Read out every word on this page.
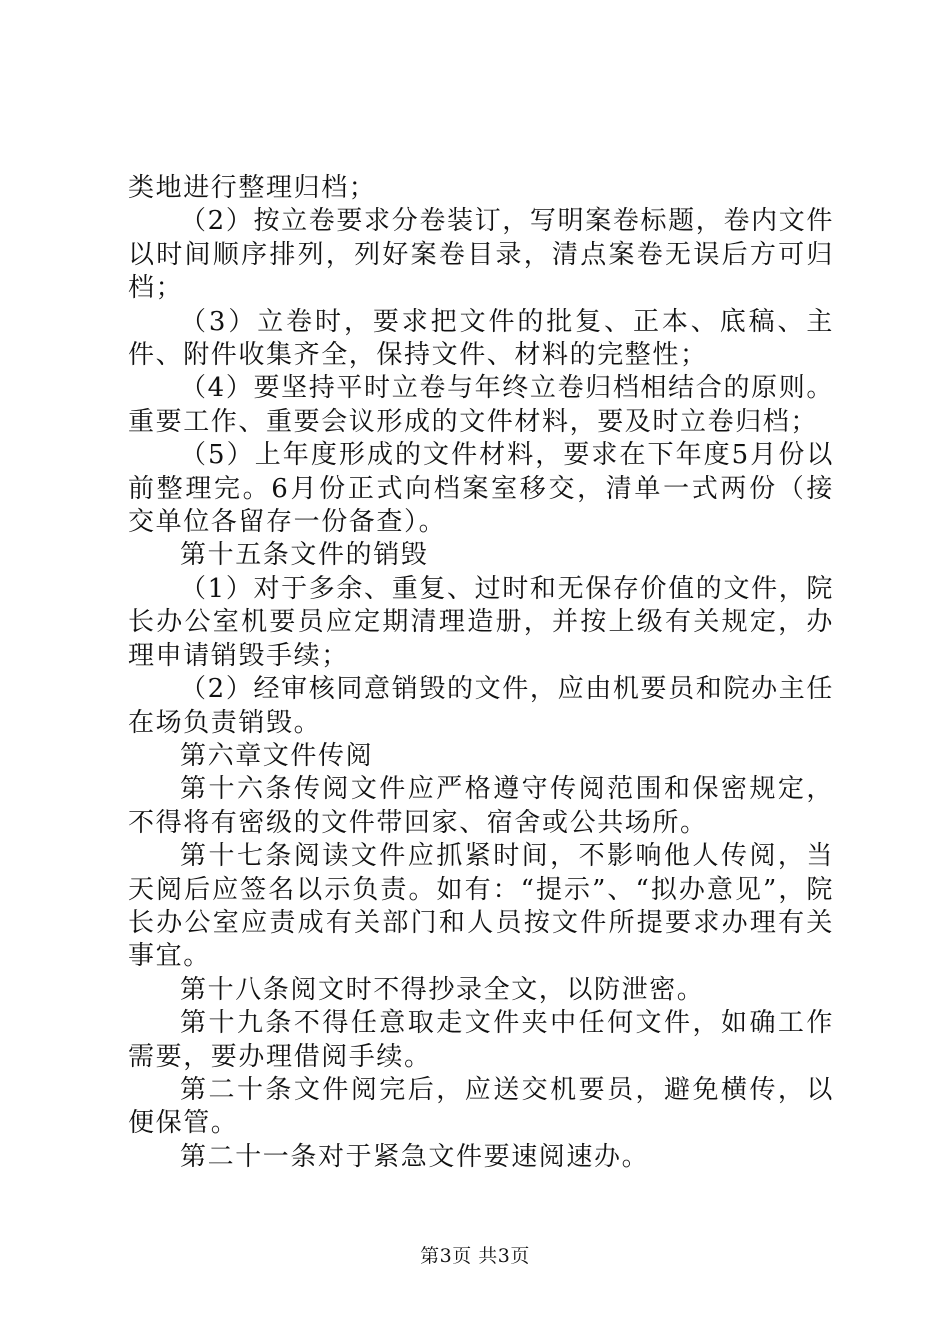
类地进行整理归档；

（2）按立卷要求分卷装订，写明案卷标题，卷内文件以时间顺序排列，列好案卷目录，清点案卷无误后方可归档；

（3）立卷时，要求把文件的批复、正本、底稿、主件、附件收集齐全，保持文件、材料的完整性；

（4）要坚持平时立卷与年终立卷归档相结合的原则。重要工作、重要会议形成的文件材料，要及时立卷归档；

（5）上年度形成的文件材料，要求在下年度5月份以前整理完。6月份正式向档案室移交，清单一式两份（接交单位各留存一份备查）。

第十五条文件的销毁

（1）对于多余、重复、过时和无保存价值的文件，院长办公室机要员应定期清理造册，并按上级有关规定，办理申请销毁手续；

（2）经审核同意销毁的文件，应由机要员和院办主任在场负责销毁。

第六章文件传阅

第十六条传阅文件应严格遵守传阅范围和保密规定，不得将有密级的文件带回家、宿舍或公共场所。

第十七条阅读文件应抓紧时间，不影响他人传阅，当天阅后应签名以示负责。如有：“提示”、“拟办意见”，院长办公室应责成有关部门和人员按文件所提要求办理有关事宜。

第十八条阅文时不得抄录全文，以防泄密。

第十九条不得任意取走文件夹中任何文件，如确工作需要，要办理借阅手续。

第二十条文件阅完后，应送交机要员，避免横传，以便保管。

第二十一条对于紧急文件要速阅速办。

第3页 共3页
